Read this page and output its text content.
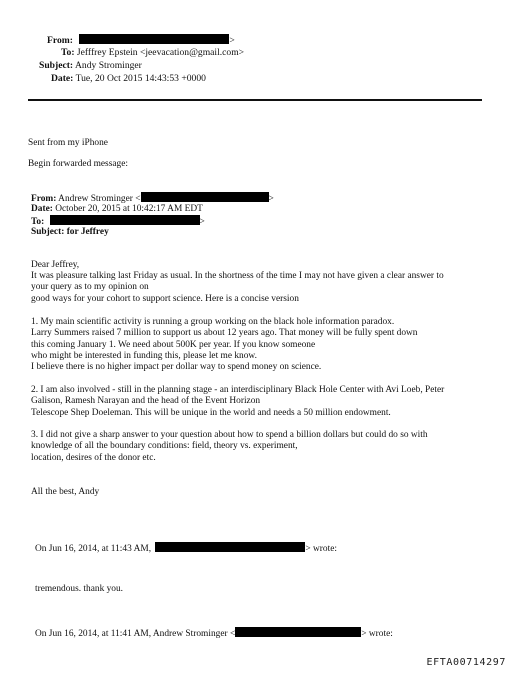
From:	>
To: Jefffrey Epstein <jeevacation@gmail.com>
Subject: Andy Strominger
Date: Tue, 20 Oct 2015 14:43:53 +0000
Sent from my iPhone
Begin forwarded message:
From: Andrew Strominger <	>
Date: October 20, 2015 at 10:42:17 AM EDT
To:	>
Subject: for Jeffrey
Dear Jeffrey,
It was pleasure talking last Friday as usual. In the shortness of the time I may not have given a clear answer to
your query as to my opinion on
good ways for your cohort to support science. Here is a concise version
1. My main scientific activity is running a group working on the black hole information paradox.
Larry Summers raised 7 million to support us about 12 years ago. That money will be fully spent down
this coming January 1. We need about 500K per year. If you know someone
who might be interested in funding this, please let me know.
I believe there is no higher impact per dollar way to spend money on science.
2. I am also involved - still in the planning stage - an interdisciplinary Black Hole Center with Avi Loeb, Peter
Galison, Ramesh Narayan and the head of the Event Horizon
Telescope Shep Doeleman. This will be unique in the world and needs a 50 million endowment.
3. I did not give a sharp answer to your question about how to spend a billion dollars but could do so with
knowledge of all the boundary conditions: field, theory vs. experiment,
location, desires of the donor etc.
All the best, Andy
On Jun 16, 2014, at 11:43 AM,	> wrote:
tremendous. thank you.
On Jun 16, 2014, at 11:41 AM, Andrew Strominger <	> wrote:
EFTA00714297
